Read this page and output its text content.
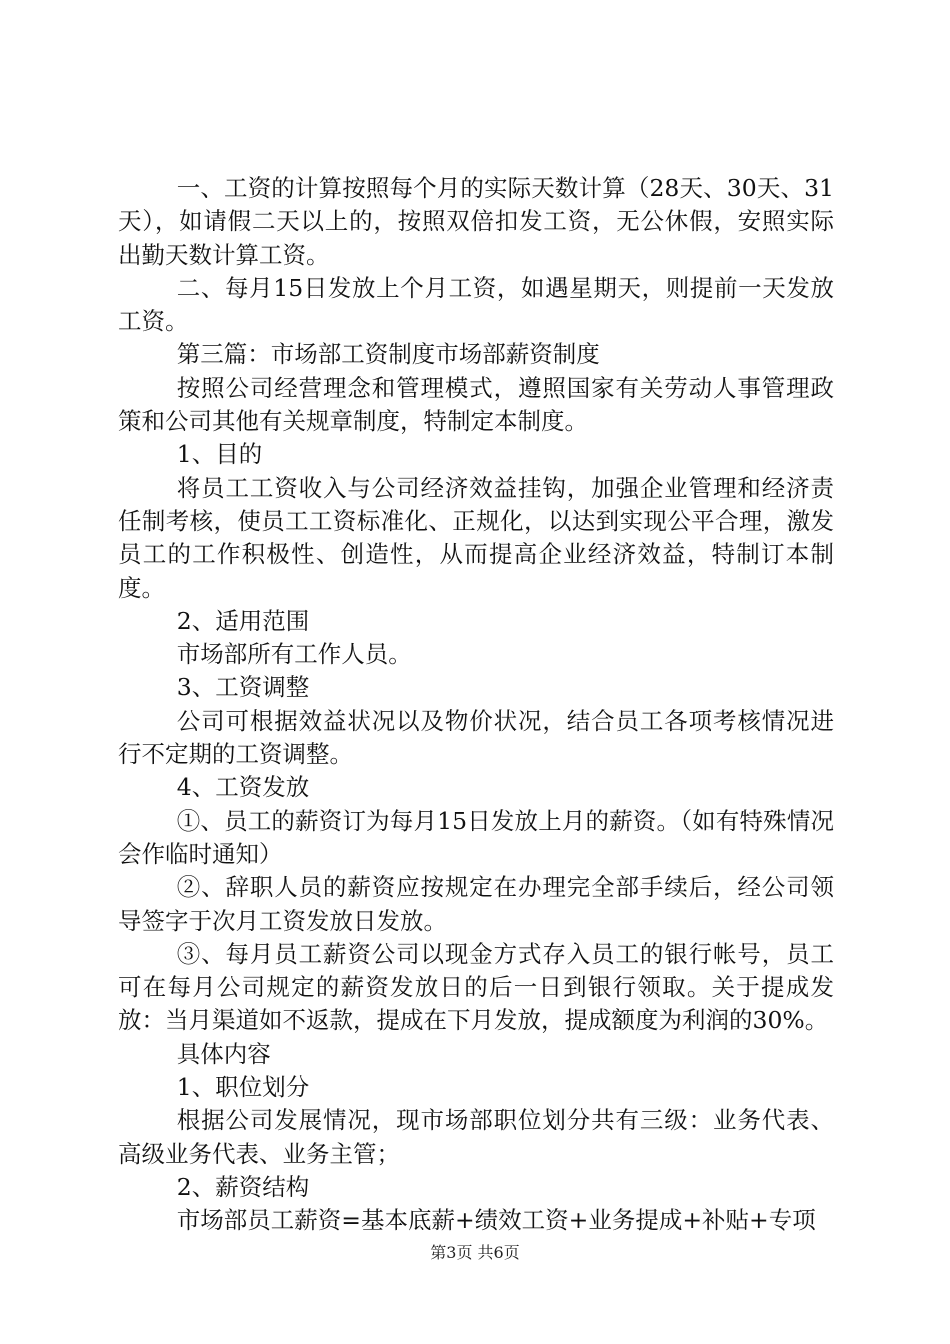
一、工资的计算按照每个月的实际天数计算（28天、30天、31天），如请假二天以上的，按照双倍扣发工资，无公休假，安照实际出勤天数计算工资。

二、每月15日发放上个月工资，如遇星期天，则提前一天发放工资。

第三篇：市场部工资制度市场部薪资制度

按照公司经营理念和管理模式，遵照国家有关劳动人事管理政策和公司其他有关规章制度，特制定本制度。

1、目的

将员工工资收入与公司经济效益挂钩，加强企业管理和经济责任制考核，使员工工资标准化、正规化，以达到实现公平合理，激发员工的工作积极性、创造性，从而提高企业经济效益，特制订本制度。

2、适用范围

市场部所有工作人员。

3、工资调整

公司可根据效益状况以及物价状况，结合员工各项考核情况进行不定期的工资调整。

4、工资发放

①、员工的薪资订为每月15日发放上月的薪资。（如有特殊情况会作临时通知）

②、辞职人员的薪资应按规定在办理完全部手续后，经公司领导签字于次月工资发放日发放。

③、每月员工薪资公司以现金方式存入员工的银行帐号，员工可在每月公司规定的薪资发放日的后一日到银行领取。关于提成发放：当月渠道如不返款，提成在下月发放，提成额度为利润的30%。

具体内容

1、职位划分

根据公司发展情况，现市场部职位划分共有三级：业务代表、高级业务代表、业务主管；

2、薪资结构

市场部员工薪资=基本底薪+绩效工资+业务提成+补贴+专项

第3页 共6页
